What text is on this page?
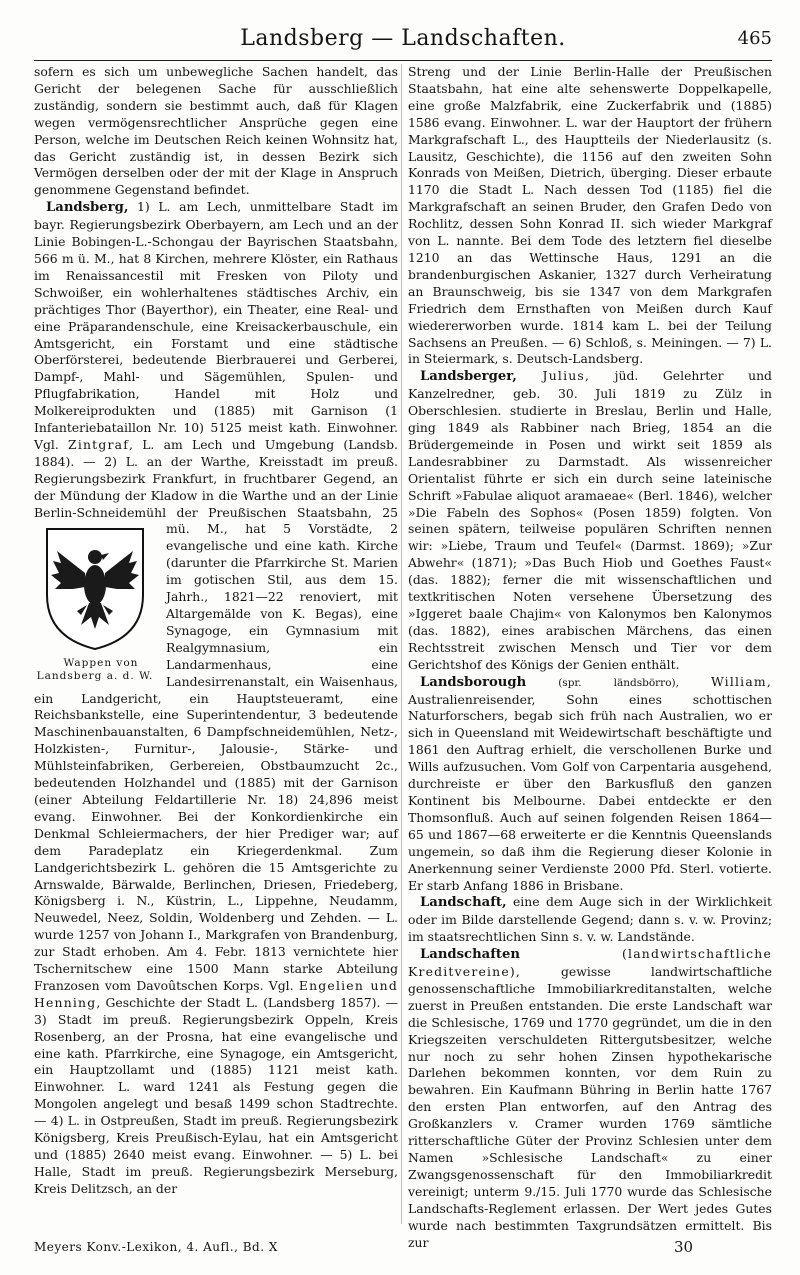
Landsberg — Landschaften.	465

sofern es sich um unbewegliche Sachen handelt, das Gericht der belegenen Sache für ausschließlich zuständig, sondern sie bestimmt auch, daß für Klagen wegen vermögensrechtlicher Ansprüche gegen eine Person, welche im Deutschen Reich keinen Wohnsitz hat, das Gericht zuständig ist, in dessen Bezirk sich Vermögen derselben oder der mit der Klage in Anspruch genommene Gegenstand befindet.

Landsberg, 1) L. am Lech, unmittelbare Stadt im bayr. Regierungsbezirk Oberbayern, am Lech und an der Linie Bobingen-L.-Schongau der Bayrischen Staatsbahn, 566 m ü. M., hat 8 Kirchen, mehrere Klöster, ein Rathaus im Renaissancestil mit Fresken von Piloty und Schwoißer, ein wohlerhaltenes städtisches Archiv, ein prächtiges Thor (Bayerthor), ein Theater, eine Real- und eine Präparandenschule, eine Kreisackerbauschule, ein Amtsgericht, ein Forstamt und eine städtische Oberförsterei, bedeutende Bierbrauerei und Gerberei, Dampf-, Mahl- und Sägemühlen, Spulen- und Pflugfabrikation, Handel mit Holz und Molkereiprodukten und (1885) mit Garnison (1 Infanteriebataillon Nr. 10) 5125 meist kath. Einwohner. Vgl. Zintgraf, L. am Lech und Umgebung (Landsb. 1884). — 2) L. an der Warthe, Kreisstadt im preuß. Regierungsbezirk Frankfurt, in fruchtbarer Gegend, an der Mündung der Kladow in die Warthe und an der Linie Berlin-Schneidemühl der Preußischen
Wappen von Landsberg a. d. W.
Staatsbahn, 25 mü. M., hat 5 Vorstädte, 2 evangelische und eine kath. Kirche (darunter die Pfarrkirche St. Marien im gotischen Stil, aus dem 15. Jahrh., 1821—22 renoviert, mit Altargemälde von K. Begas), eine Synagoge, ein Gymnasium mit Realgymnasium, ein Landarmenhaus, eine Landesirrenanstalt, ein Waisenhaus, ein Landgericht, ein Hauptsteueramt, eine Reichsbankstelle, eine Superintendentur, 3 bedeutende Maschinenbauanstalten, 6 Dampfschneidemühlen, Netz-, Holzkisten-, Furnitur-, Jalousie-, Stärke- und Mühlsteinfabriken, Gerbereien, Obstbaumzucht 2c., bedeutenden Holzhandel und (1885) mit der Garnison (einer Abteilung Feldartillerie Nr. 18) 24,896 meist evang. Einwohner. Bei der Konkordienkirche ein Denkmal Schleiermachers, der hier Prediger war; auf dem Paradeplatz ein Kriegerdenkmal. Zum Landgerichtsbezirk L. gehören die 15 Amtsgerichte zu Arnswalde, Bärwalde, Berlinchen, Driesen, Friedeberg, Königsberg i. N., Küstrin, L., Lippehne, Neudamm, Neuwedel, Neez, Soldin, Woldenberg und Zehden. — L. wurde 1257 von Johann I., Markgrafen von Brandenburg, zur Stadt erhoben. Am 4. Febr. 1813 vernichtete hier Tschernitschew eine 1500 Mann starke Abteilung Franzosen vom Davoûtschen Korps. Vgl. Engelien und Henning, Geschichte der Stadt L. (Landsberg 1857). — 3) Stadt im preuß. Regierungsbezirk Oppeln, Kreis Rosenberg, an der Prosna, hat eine evangelische und eine kath. Pfarrkirche, eine Synagoge, ein Amtsgericht, ein Hauptzollamt und (1885) 1121 meist kath. Einwohner. L. ward 1241 als Festung gegen die Mongolen angelegt und besaß 1499 schon Stadtrechte. — 4) L. in Ostpreußen, Stadt im preuß. Regierungsbezirk Königsberg, Kreis Preußisch-Eylau, hat ein Amtsgericht und (1885) 2640 meist evang. Einwohner. — 5) L. bei Halle, Stadt im preuß. Regierungsbezirk Merseburg, Kreis Delitzsch, an der

Streng und der Linie Berlin-Halle der Preußischen Staatsbahn, hat eine alte sehenswerte Doppelkapelle, eine große Malzfabrik, eine Zuckerfabrik und (1885) 1586 evang. Einwohner. L. war der Hauptort der frühern Markgrafschaft L., des Hauptteils der Niederlausitz (s. Lausitz, Geschichte), die 1156 auf den zweiten Sohn Konrads von Meißen, Dietrich, überging. Dieser erbaute 1170 die Stadt L. Nach dessen Tod (1185) fiel die Markgrafschaft an seinen Bruder, den Grafen Dedo von Rochlitz, dessen Sohn Konrad II. sich wieder Markgraf von L. nannte. Bei dem Tode des letztern fiel dieselbe 1210 an das Wettinsche Haus, 1291 an die brandenburgischen Askanier, 1327 durch Verheiratung an Braunschweig, bis sie 1347 von dem Markgrafen Friedrich dem Ernsthaften von Meißen durch Kauf wiedererworben wurde. 1814 kam L. bei der Teilung Sachsens an Preußen. — 6) Schloß, s. Meiningen. — 7) L. in Steiermark, s. Deutsch-Landsberg.

Landsberger, Julius, jüd. Gelehrter und Kanzelredner, geb. 30. Juli 1819 zu Zülz in Oberschlesien. studierte in Breslau, Berlin und Halle, ging 1849 als Rabbiner nach Brieg, 1854 an die Brüdergemeinde in Posen und wirkt seit 1859 als Landesrabbiner zu Darmstadt. Als wissenreicher Orientalist führte er sich ein durch seine lateinische Schrift »Fabulae aliquot aramaeae« (Berl. 1846), welcher »Die Fabeln des Sophos« (Posen 1859) folgten. Von seinen spätern, teilweise populären Schriften nennen wir: »Liebe, Traum und Teufel« (Darmst. 1869); »Zur Abwehr« (1871); »Das Buch Hiob und Goethes Faust« (das. 1882); ferner die mit wissenschaftlichen und textkritischen Noten versehene Übersetzung des »Iggeret baale Chajim« von Kalonymos ben Kalonymos (das. 1882), eines arabischen Märchens, das einen Rechtsstreit zwischen Mensch und Tier vor dem Gerichtshof des Königs der Genien enthält.

Landsborough (spr. ländsbörro), William, Australienreisender, Sohn eines schottischen Naturforschers, begab sich früh nach Australien, wo er sich in Queensland mit Weidewirtschaft beschäftigte und 1861 den Auftrag erhielt, die verschollenen Burke und Wills aufzusuchen. Vom Golf von Carpentaria ausgehend, durchreiste er über den Barkusfluß den ganzen Kontinent bis Melbourne. Dabei entdeckte er den Thomsonfluß. Auch auf seinen folgenden Reisen 1864—65 und 1867—68 erweiterte er die Kenntnis Queenslands ungemein, so daß ihm die Regierung dieser Kolonie in Anerkennung seiner Verdienste 2000 Pfd. Sterl. votierte. Er starb Anfang 1886 in Brisbane.

Landschaft, eine dem Auge sich in der Wirklichkeit oder im Bilde darstellende Gegend; dann s. v. w. Provinz; im staatsrechtlichen Sinn s. v. w. Landstände.

Landschaften (landwirtschaftliche Kreditvereine), gewisse landwirtschaftliche genossenschaftliche Immobiliarkreditanstalten, welche zuerst in Preußen entstanden. Die erste Landschaft war die Schlesische, 1769 und 1770 gegründet, um die in den Kriegszeiten verschuldeten Rittergutsbesitzer, welche nur noch zu sehr hohen Zinsen hypothekarische Darlehen bekommen konnten, vor dem Ruin zu bewahren. Ein Kaufmann Bühring in Berlin hatte 1767 den ersten Plan entworfen, auf den Antrag des Großkanzlers v. Cramer wurden 1769 sämtliche ritterschaftliche Güter der Provinz Schlesien unter dem Namen »Schlesische Landschaft« zu einer Zwangsgenossenschaft für den Immobiliarkredit vereinigt; unterm 9./15. Juli 1770 wurde das Schlesische Landschafts-Reglement erlassen. Der Wert jedes Gutes wurde nach bestimmten Taxgrundsätzen ermittelt. Bis zur

Meyers Konv.-Lexikon, 4. Aufl., Bd. X	30
